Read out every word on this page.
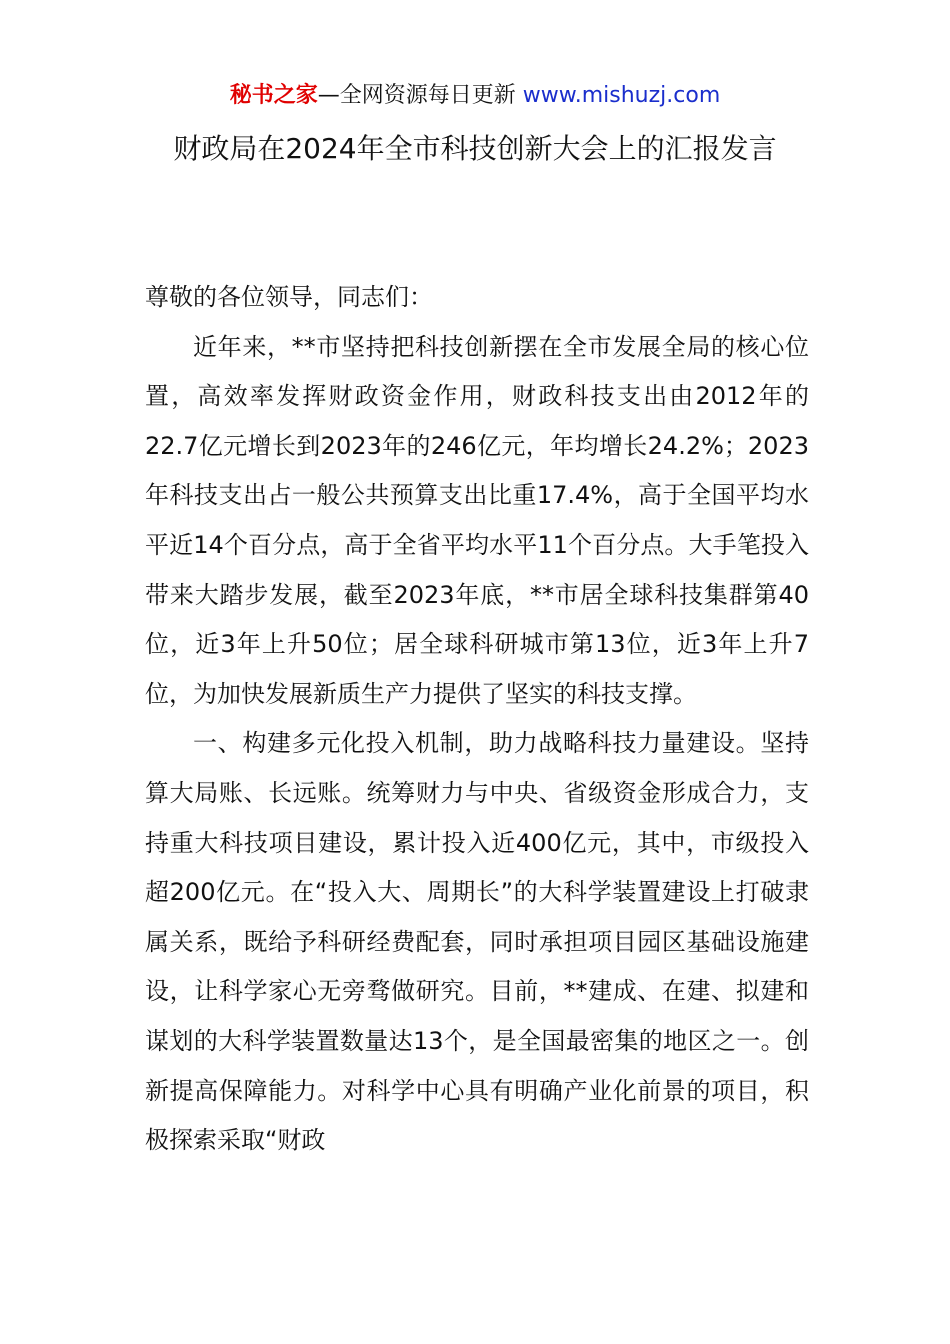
秘书之家—全网资源每日更新 www.mishuzj.com
财政局在2024年全市科技创新大会上的汇报发言

尊敬的各位领导，同志们：

近年来，**市坚持把科技创新摆在全市发展全局的核心位置，高效率发挥财政资金作用，财政科技支出由2012年的22.7亿元增长到2023年的246亿元，年均增长24.2%；2023年科技支出占一般公共预算支出比重17.4%，高于全国平均水平近14个百分点，高于全省平均水平11个百分点。大手笔投入带来大踏步发展，截至2023年底，**市居全球科技集群第40位，近3年上升50位；居全球科研城市第13位，近3年上升7位，为加快发展新质生产力提供了坚实的科技支撑。

一、构建多元化投入机制，助力战略科技力量建设。坚持算大局账、长远账。统筹财力与中央、省级资金形成合力，支持重大科技项目建设，累计投入近400亿元，其中，市级投入超200亿元。在“投入大、周期长”的大科学装置建设上打破隶属关系，既给予科研经费配套，同时承担项目园区基础设施建设，让科学家心无旁骛做研究。目前，**建成、在建、拟建和谋划的大科学装置数量达13个，是全国最密集的地区之一。创新提高保障能力。对科学中心具有明确产业化前景的项目，积极探索采取“财政
